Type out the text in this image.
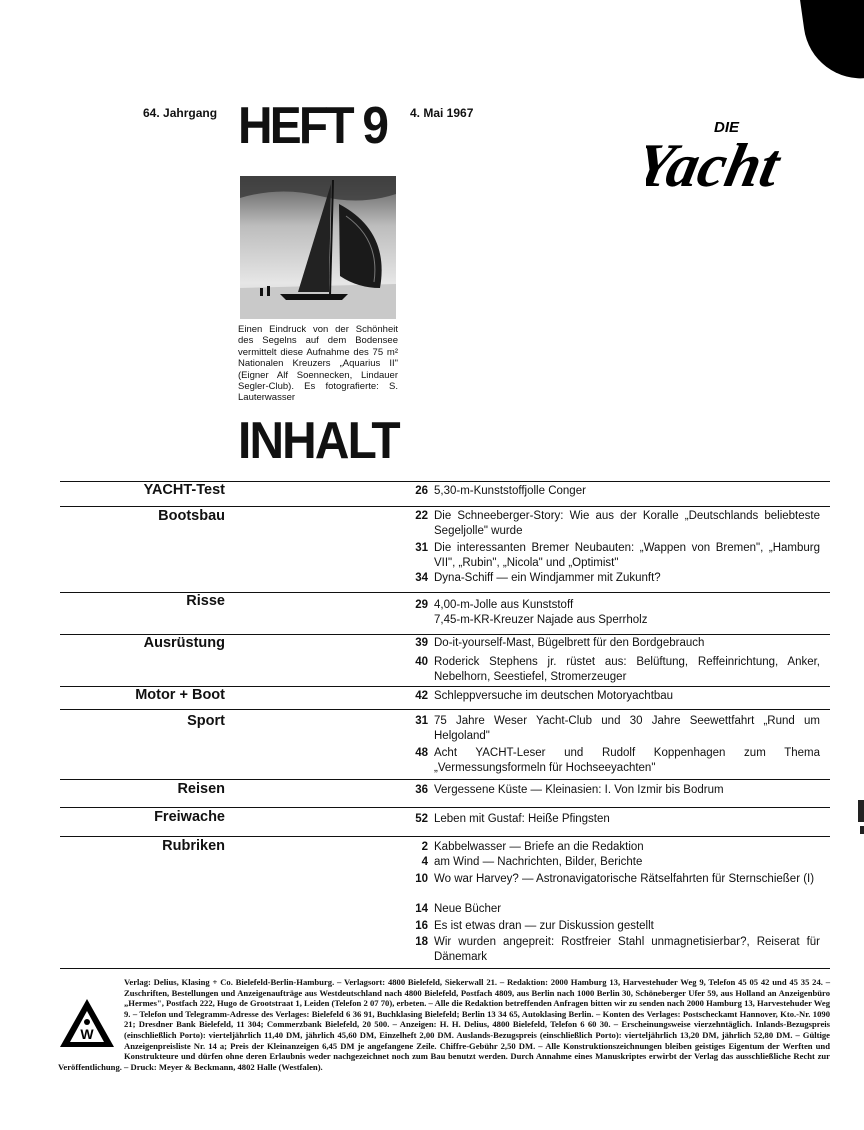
64. Jahrgang HEFT 9 4. Mai 1967
DIE
Yacht

Einen Eindruck von der Schönheit des Segelns auf dem Bodensee vermittelt diese Aufnahme des 75 m² Nationalen Kreuzers „Aquarius II" (Eigner Alf Soennecken, Lindauer Segler-Club). Es fotografierte: S. Lauterwasser

INHALT
YACHT-Test	26 5,30-m-Kunststoffjolle Conger
Bootsbau	22 Die Schneeberger-Story: Wie aus der Koralle „Deutschlands beliebteste Segeljolle" wurde
31 Die interessanten Bremer Neubauten: „Wappen von Bremen", „Hamburg VII", „Rubin", „Nicola" und „Optimist"
34 Dyna-Schiff — ein Windjammer mit Zukunft?
Risse	29 4,00-m-Jolle aus Kunststoff
7,45-m-KR-Kreuzer Najade aus Sperrholz
Ausrüstung	39 Do-it-yourself-Mast, Bügelbrett für den Bordgebrauch
40 Roderick Stephens jr. rüstet aus: Belüftung, Reffeinrichtung, Anker, Nebelhorn, Seestiefel, Stromerzeuger
Motor + Boot	42 Schleppversuche im deutschen Motoryachtbau
Sport	31 75 Jahre Weser Yacht-Club und 30 Jahre Seewettfahrt „Rund um Helgoland"
48 Acht YACHT-Leser und Rudolf Koppenhagen zum Thema „Vermessungsformeln für Hochseeyachten"
Reisen	36 Vergessene Küste — Kleinasien: I. Von Izmir bis Bodrum
Freiwache	52 Leben mit Gustaf: Heiße Pfingsten
Rubriken	2 Kabbelwasser — Briefe an die Redaktion
4 am Wind — Nachrichten, Bilder, Berichte
10 Wo war Harvey? — Astronavigatorische Rätselfahrten für Sternschießer (I)
14 Neue Bücher
16 Es ist etwas dran — zur Diskussion gestellt
18 Wir wurden angepreit: Rostfreier Stahl unmagnetisierbar?, Reiserat für Dänemark
W
Verlag: Delius, Klasing + Co. Bielefeld-Berlin-Hamburg. – Verlagsort: 4800 Bielefeld, Siekerwall 21. – Redaktion: 2000 Hamburg 13, Harvestehuder Weg 9, Telefon 45 05 42 und 45 35 24. – Zuschriften, Bestellungen und Anzeigenaufträge aus Westdeutschland nach 4800 Bielefeld, Postfach 4809, aus Berlin nach 1000 Berlin 30, Schöneberger Ufer 59, aus Holland an Anzeigenbüro „Hermes", Postfach 222, Hugo de Grootstraat 1, Leiden (Telefon 2 07 70), erbeten. – Alle die Redaktion betreffenden Anfragen bitten wir zu senden nach 2000 Hamburg 13, Harvestehuder Weg 9. – Telefon und Telegramm-Adresse des Verlages: Bielefeld 6 36 91, Buchklasing Bielefeld; Berlin 13 34 65, Autoklasing Berlin. – Konten des Verlages: Postscheckamt Hannover, Kto.-Nr. 1090 21; Dresdner Bank Bielefeld, 11 304; Commerzbank Bielefeld, 20 500. – Anzeigen: H. H. Delius, 4800 Bielefeld, Telefon 6 60 30. – Erscheinungsweise vierzehntäglich. Inlands-Bezugspreis (einschließlich Porto): vierteljährlich 11,40 DM, jährlich 45,60 DM, Einzelheft 2,00 DM. Auslands-Bezugspreis (einschließlich Porto): vierteljährlich 13,20 DM, jährlich 52,80 DM. – Gültige Anzeigenpreisliste Nr. 14 a; Preis der Kleinanzeigen 6,45 DM je angefangene Zeile. Chiffre-Gebühr 2,50 DM. – Alle Konstruktionszeichnungen bleiben geistiges Eigentum der Werften und Konstrukteure und dürfen ohne deren Erlaubnis weder nachgezeichnet noch zum Bau benutzt werden. Durch Annahme eines Manuskriptes erwirbt der Verlag das ausschließliche Recht zur Veröffentlichung. – Druck: Meyer & Beckmann, 4802 Halle (Westfalen).
